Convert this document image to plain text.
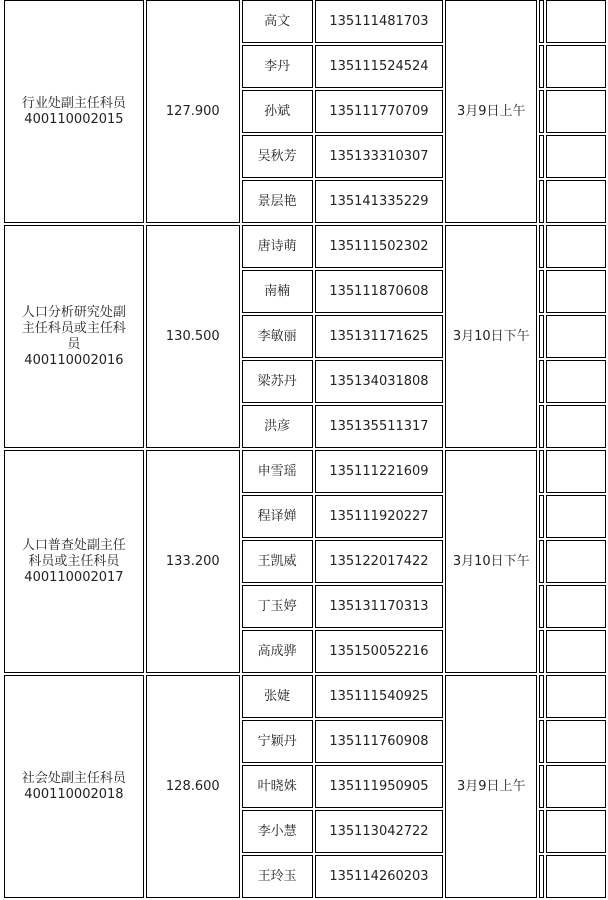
行业处副主任科员
400110002015	127.900	高文	135111481703	3月9日上午		
		李丹	135111524524			
		孙斌	135111770709			
		吴秋芳	135133310307			
		景层艳	135141335229			

人口分析研究处副
主任科员或主任科
员
400110002016	130.500	唐诗萌	135111502302	3月10日下午		
		南楠	135111870608			
		李敏丽	135131171625			
		梁苏丹	135134031808			
		洪彦	135135511317			

人口普查处副主任
科员或主任科员
400110002017	133.200	申雪瑶	135111221609	3月10日下午		
		程译婵	135111920227			
		王凯威	135122017422			
		丁玉婷	135131170313			
		高成骅	135150052216			

社会处副主任科员
400110002018	128.600	张婕	135111540925	3月9日上午		
		宁颖丹	135111760908			
		叶晓姝	135111950905			
		李小慧	135113042722			
		王玲玉	135114260203			
